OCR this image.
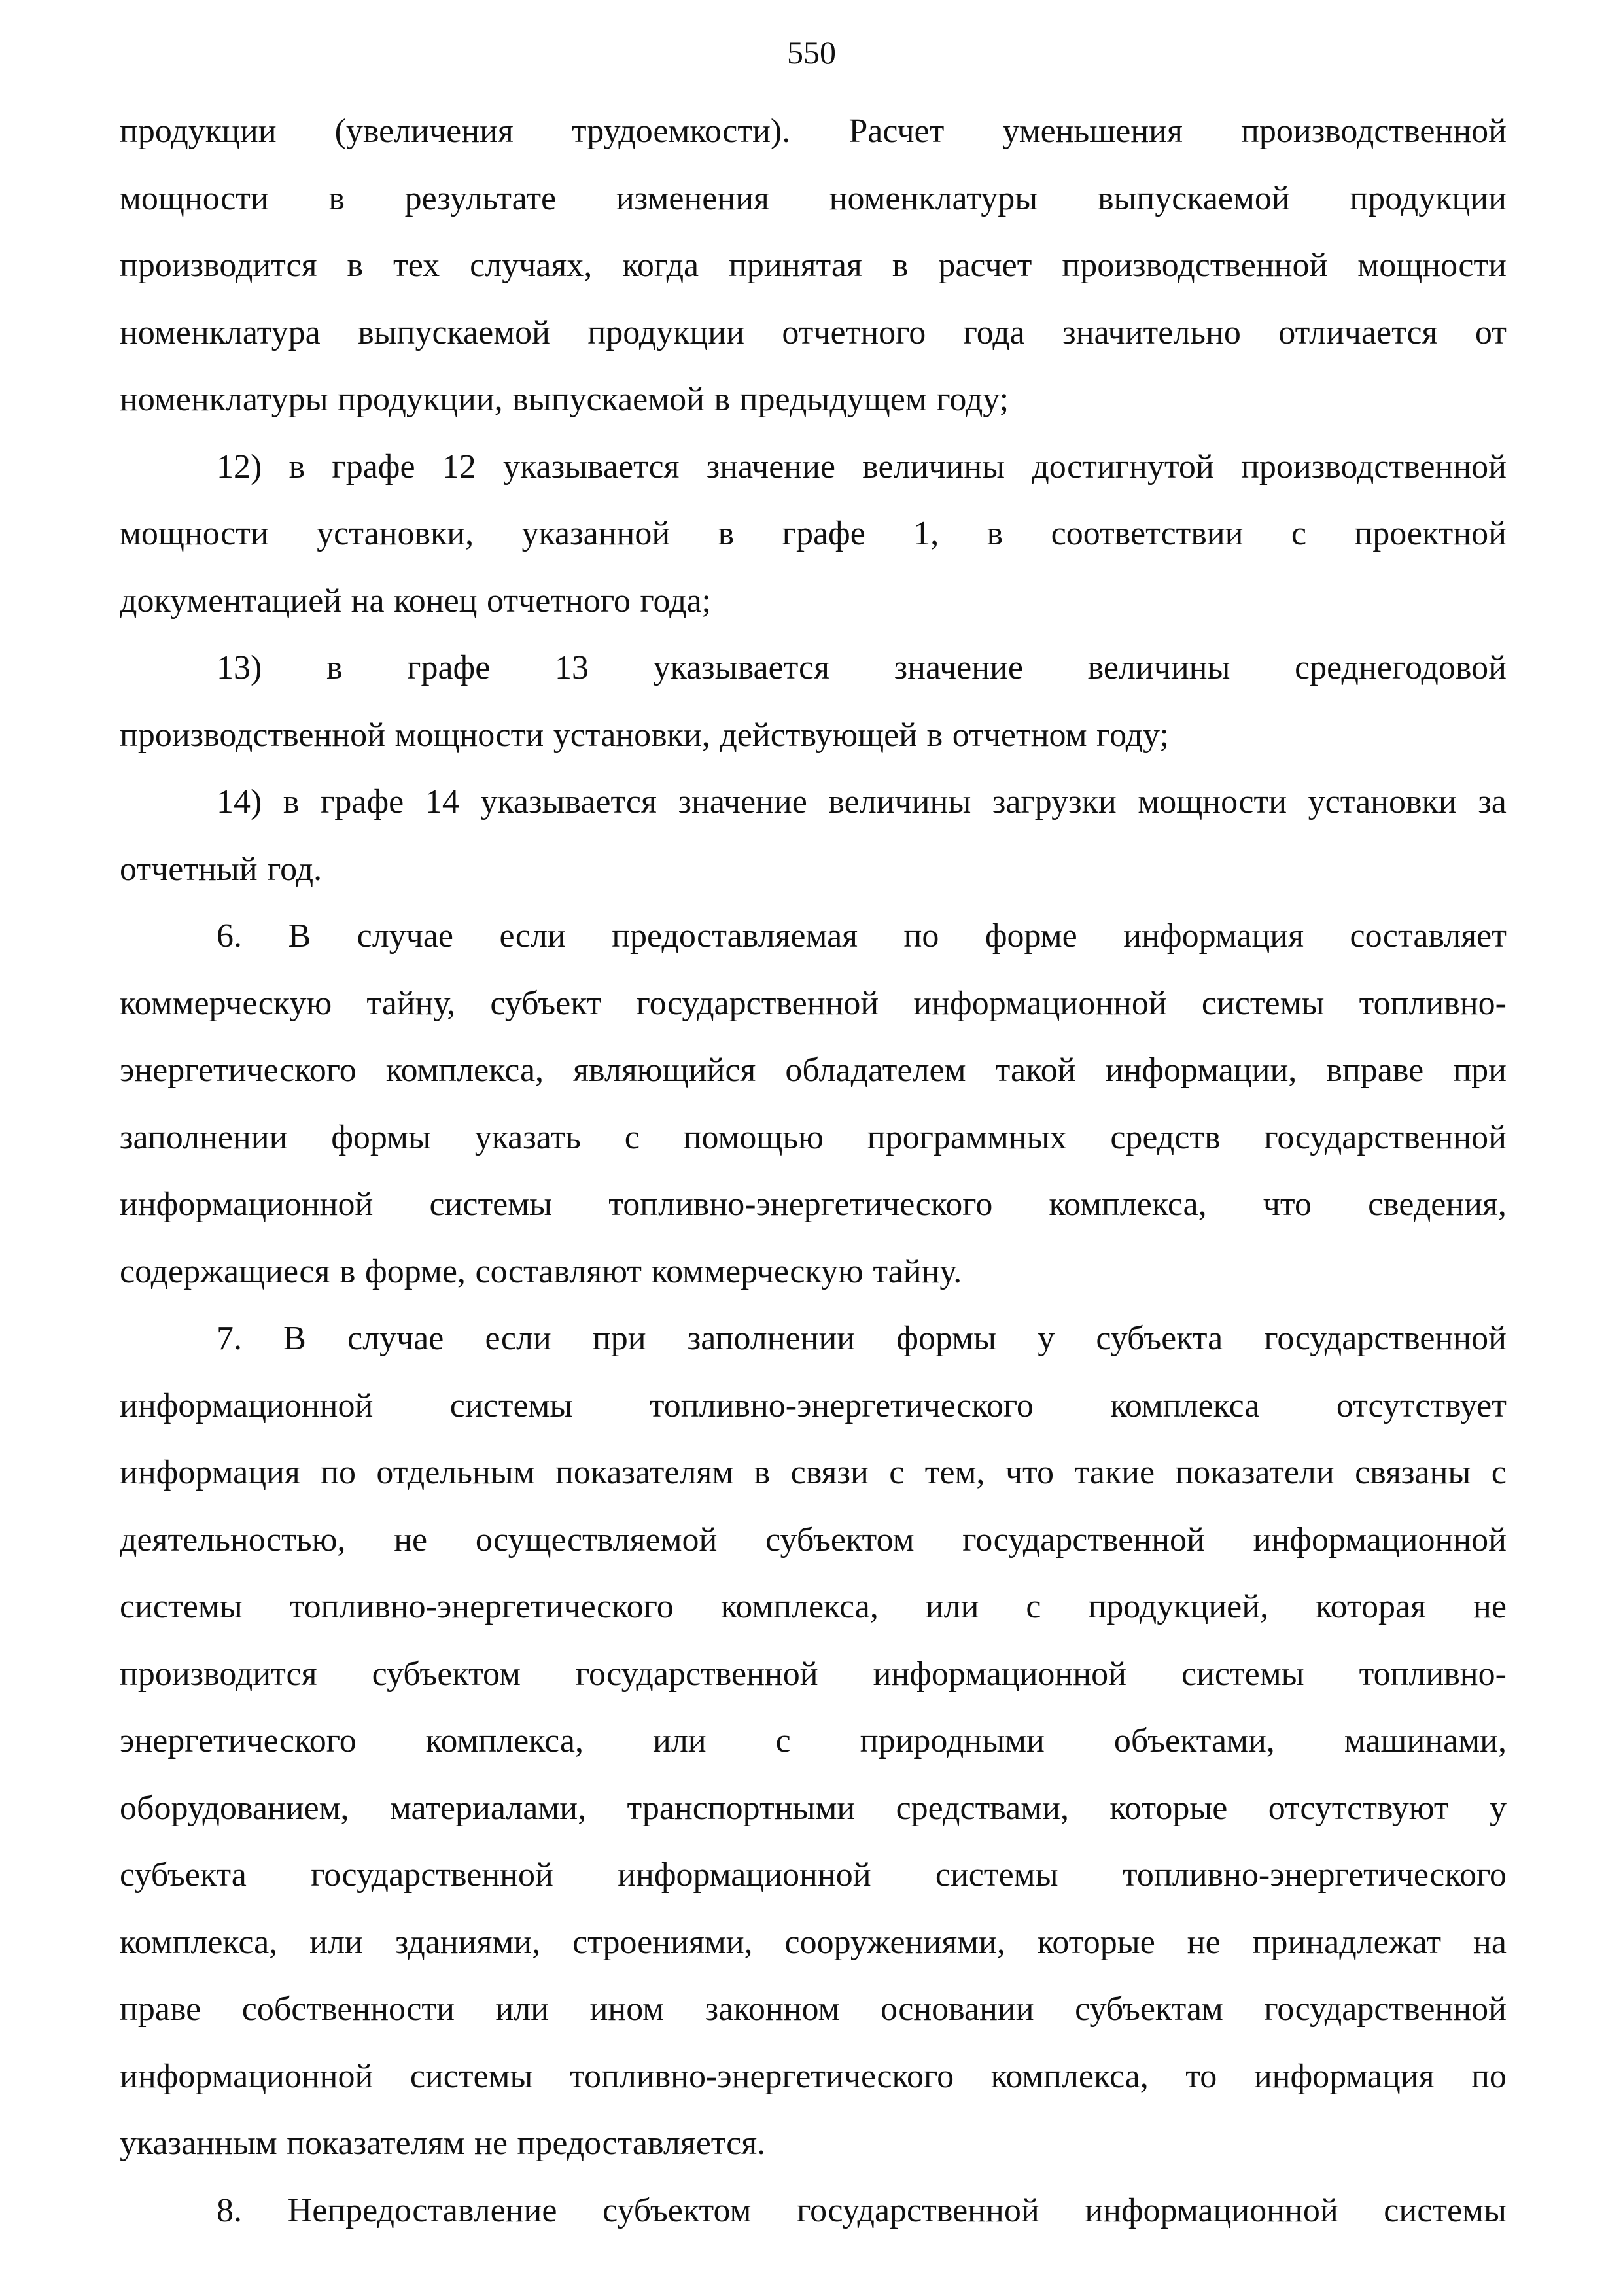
550
продукции (увеличения трудоемкости). Расчет уменьшения производственной
мощности в результате изменения номенклатуры выпускаемой продукции
производится в тех случаях, когда принятая в расчет производственной мощности
номенклатура выпускаемой продукции отчетного года значительно отличается от
номенклатуры продукции, выпускаемой в предыдущем году;
12) в графе 12 указывается значение величины достигнутой производственной
мощности установки, указанной в графе 1, в соответствии с проектной
документацией на конец отчетного года;
13) в графе 13 указывается значение величины среднегодовой
производственной мощности установки, действующей в отчетном году;
14) в графе 14 указывается значение величины загрузки мощности установки за
отчетный год.
6. В случае если предоставляемая по форме информация составляет
коммерческую тайну, субъект государственной информационной системы топливно-
энергетического комплекса, являющийся обладателем такой информации, вправе при
заполнении формы указать с помощью программных средств государственной
информационной системы топливно-энергетического комплекса, что сведения,
содержащиеся в форме, составляют коммерческую тайну.
7. В случае если при заполнении формы у субъекта государственной
информационной системы топливно-энергетического комплекса отсутствует
информация по отдельным показателям в связи с тем, что такие показатели связаны с
деятельностью, не осуществляемой субъектом государственной информационной
системы топливно-энергетического комплекса, или с продукцией, которая не
производится субъектом государственной информационной системы топливно-
энергетического комплекса, или с природными объектами, машинами,
оборудованием, материалами, транспортными средствами, которые отсутствуют у
субъекта государственной информационной системы топливно-энергетического
комплекса, или зданиями, строениями, сооружениями, которые не принадлежат на
праве собственности или ином законном основании субъектам государственной
информационной системы топливно-энергетического комплекса, то информация по
указанным показателям не предоставляется.
8. Непредоставление субъектом государственной информационной системы
